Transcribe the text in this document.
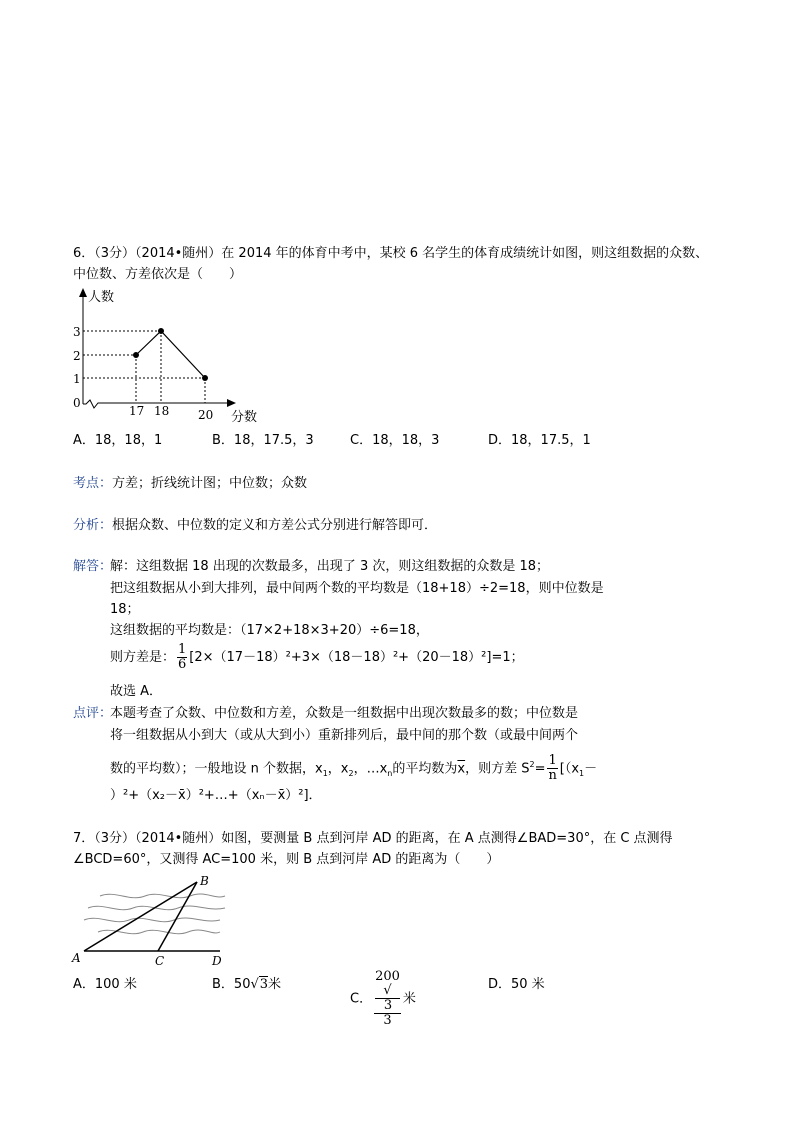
6．（3分）（2014•随州）在 2014 年的体育中考中，某校 6 名学生的体育成绩统计如图，则这组数据的众数、
中位数、方差依次是（　　）
人数
分数
3
2
1
0
17 18 20
A．18，18，1	B．18，17.5，3	C．18，18，3	D．18，17.5，1
考点：方差；折线统计图；中位数；众数
分析：根据众数、中位数的定义和方差公式分别进行解答即可．
解答：
解：这组数据 18 出现的次数最多，出现了 3 次，则这组数据的众数是 18；
把这组数据从小到大排列，最中间两个数的平均数是（18+18）÷2=18，则中位数是
18；
这组数据的平均数是：（17×2+18×3+20）÷6=18，
则方差是： $\frac{1}{6} [2\times(17-18)^2+3\times(18-18)^2+(20-18)^2]=1$；
故选 A．
点评：
本题考查了众数、中位数和方差，众数是一组数据中出现次数最多的数；中位数是
将一组数据从小到大（或从大到小）重新排列后，最中间的那个数（或最中间两个
数的平均数）；一般地设 n 个数据，$x_1$，$x_2$，$\dots x_n$的平均数为$\overline{x}$，则方差 $S^2= \frac{1}{n} [(x_1-$
）²+（x₂－x̄）²+…+（xₙ－x̄）²]．
7．（3分）（2014•随州）如图，要测量 B 点到河岸 AD 的距离，在 A 点测得∠BAD=30°，在 C 点测得
∠BCD=60°，又测得 AC=100 米，则 B 点到河岸 AD 的距离为（　　）
A
B
C	D
A．100 米	B．50√3米
C． 200
√
3
3 米
D．50 米
